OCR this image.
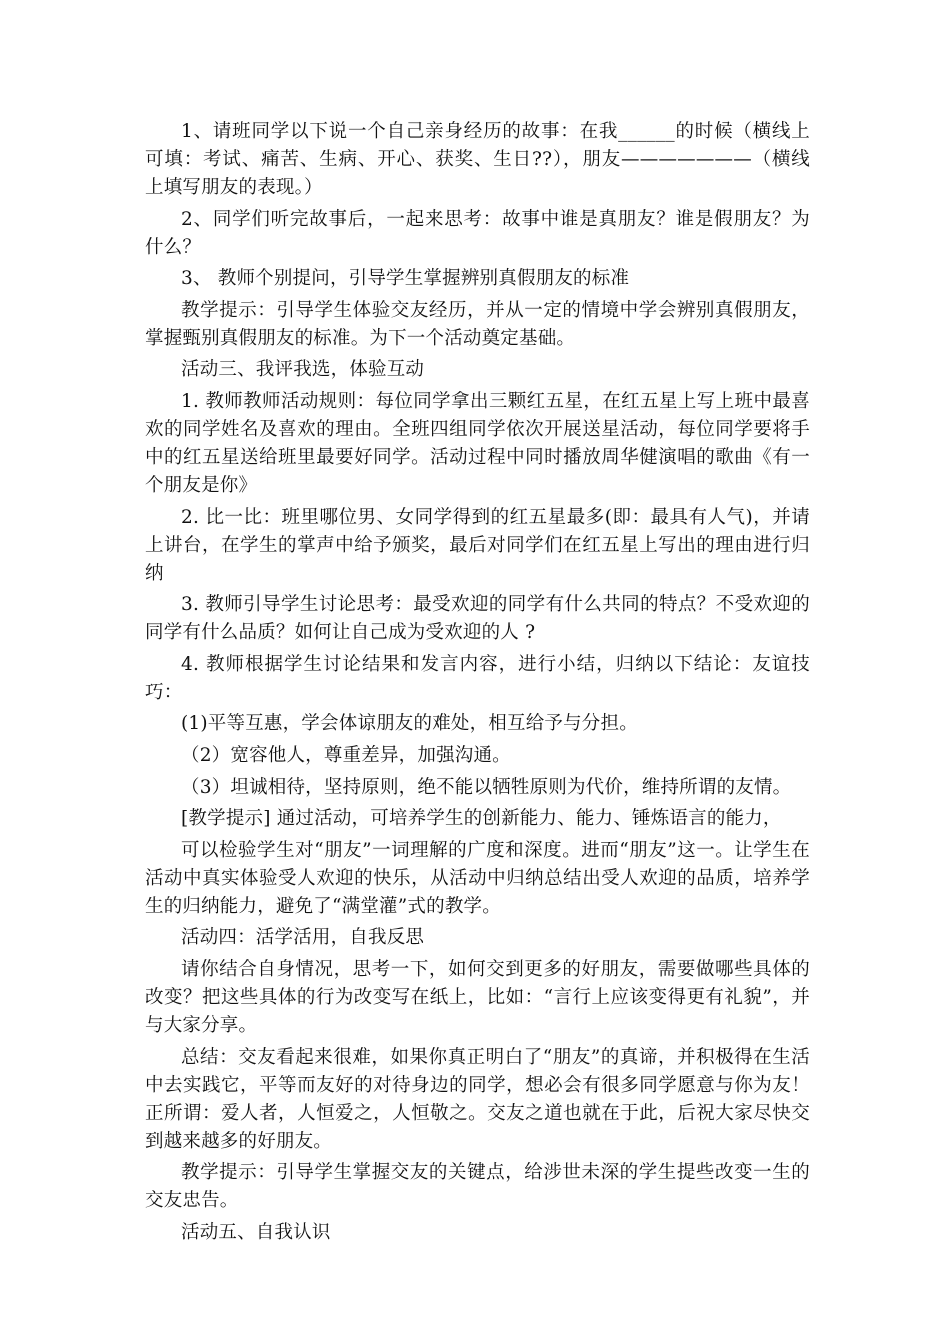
1、请班同学以下说一个自己亲身经历的故事：在我______的时候（横线上可填：考试、痛苦、生病、开心、获奖、生日??），朋友———————（横线上填写朋友的表现。）

2、同学们听完故事后，一起来思考：故事中谁是真朋友？谁是假朋友？为什么？

3、 教师个别提问，引导学生掌握辨别真假朋友的标准

教学提示：引导学生体验交友经历，并从一定的情境中学会辨别真假朋友，掌握甄别真假朋友的标准。为下一个活动奠定基础。

活动三、我评我选，体验互动

1. 教师教师活动规则：每位同学拿出三颗红五星，在红五星上写上班中最喜欢的同学姓名及喜欢的理由。全班四组同学依次开展送星活动，每位同学要将手中的红五星送给班里最要好同学。活动过程中同时播放周华健演唱的歌曲《有一个朋友是你》

2. 比一比：班里哪位男、女同学得到的红五星最多(即：最具有人气)，并请上讲台，在学生的掌声中给予颁奖，最后对同学们在红五星上写出的理由进行归纳

3. 教师引导学生讨论思考：最受欢迎的同学有什么共同的特点？不受欢迎的同学有什么品质？如何让自己成为受欢迎的人 ?

4. 教师根据学生讨论结果和发言内容，进行小结，归纳以下结论：友谊技巧：

(1)平等互惠，学会体谅朋友的难处，相互给予与分担。

（2）宽容他人，尊重差异，加强沟通。

（3）坦诚相待，坚持原则，绝不能以牺牲原则为代价，维持所谓的友情。

[教学提示] 通过活动，可培养学生的创新能力、能力、锤炼语言的能力，

可以检验学生对“朋友”一词理解的广度和深度。进而“朋友”这一。让学生在活动中真实体验受人欢迎的快乐，从活动中归纳总结出受人欢迎的品质，培养学生的归纳能力，避免了“满堂灌”式的教学。

活动四：活学活用，自我反思

请你结合自身情况，思考一下，如何交到更多的好朋友，需要做哪些具体的改变？把这些具体的行为改变写在纸上，比如：“言行上应该变得更有礼貌”，并与大家分享。

总结：交友看起来很难，如果你真正明白了“朋友”的真谛，并积极得在生活中去实践它，平等而友好的对待身边的同学，想必会有很多同学愿意与你为友！正所谓：爱人者，人恒爱之，人恒敬之。交友之道也就在于此，后祝大家尽快交到越来越多的好朋友。

教学提示：引导学生掌握交友的关键点，给涉世未深的学生提些改变一生的交友忠告。

活动五、自我认识
